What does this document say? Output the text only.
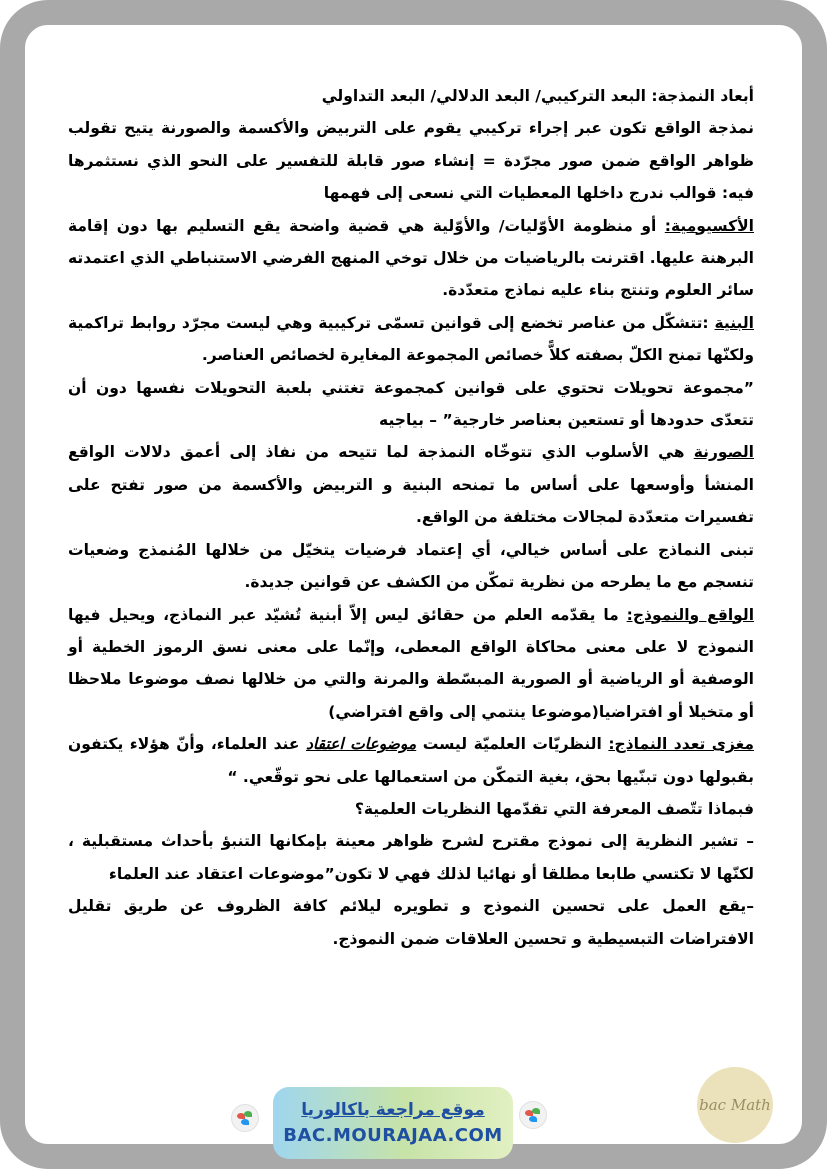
أبعاد النمذجة: البعد التركيبي/ البعد الدلالي/ البعد التداولي

نمذجة الواقع تكون عبر إجراء تركيبي يقوم على التربيض والأكسمة والصورنة يتيح تقولب ظواهر الواقع ضمن صور مجرّدة = إنشاء صور قابلة للتفسير على النحو الذي نستثمرها فيه: قوالب ندرج داخلها المعطيات التي نسعى إلى فهمها

الأكسيومية: أو منظومة الأوّليات/ والأوّلية هي قضية واضحة يقع التسليم بها دون إقامة البرهنة عليها. اقترنت بالرياضيات من خلال توخي المنهج الفرضي الاستنباطي الذي اعتمدته سائر العلوم وتنتج بناء عليه نماذج متعدّدة.

البنية :تتشكّل من عناصر تخضع إلى قوانين تسمّى تركيبية وهي ليست مجرّد روابط تراكمية ولكنّها تمنح الكلّ بصفته كلاًّ خصائص المجموعة المغايرة لخصائص العناصر.

”مجموعة تحويلات تحتوي على قوانين كمجموعة تغتني بلعبة التحويلات نفسها دون أن تتعدّى حدودها أو تستعين بعناصر خارجية” – بياجيه

الصورنة هي الأسلوب الذي تتوخّاه النمذجة لما تتيحه من نفاذ إلى أعمق دلالات الواقع المنشأ وأوسعها على أساس ما تمنحه البنية و التربيض والأكسمة من صور تفتح على تفسيرات متعدّدة لمجالات مختلفة من الواقع.

تبنى النماذج على أساس خيالي، أي إعتماد فرضيات يتخيّل من خلالها المُنمذج وضعيات تنسجم مع ما يطرحه من نظرية تمكّن من الكشف عن قوانين جديدة.

الواقع والنموذج: ما يقدّمه العلم من حقائق ليس إلاّ أبنية تُشيّد عبر النماذج، ويحيل فيها النموذج لا على معنى محاكاة الواقع المعطى، وإنّما على معنى نسق الرموز الخطية أو الوصفية أو الرياضية أو الصورية المبسّطة والمرنة والتي من خلالها نصف موضوعا ملاحظا أو متخيلا أو افتراضيا(موضوعا ينتمي إلى واقع افتراضي)

مغزى تعدد النماذج: النظريّات العلميّة ليست موضوعات اعتقاد عند العلماء، وأنّ هؤلاء يكتفون بقبولها دون تبنّيها بحق، بغية التمكّن من استعمالها على نحو توقّعي. “

فبماذا تتّصف المعرفة التي تقدّمها النظريات العلمية؟

– تشير النظرية إلى نموذج مقترح لشرح ظواهر معينة بإمكانها التنبؤ بأحداث مستقبلية ، لكنّها لا تكتسي طابعا مطلقا أو نهائيا لذلك فهي لا تكون”موضوعات اعتقاد عند العلماء

–يقع العمل على تحسين النموذج و تطويره ليلائم كافة الظروف عن طريق تقليل الافتراضات التبسيطية و تحسين العلاقات ضمن النموذج.

موقع مراجعة باكالوريا
BAC.MOURAJAA.COM
bac Math
